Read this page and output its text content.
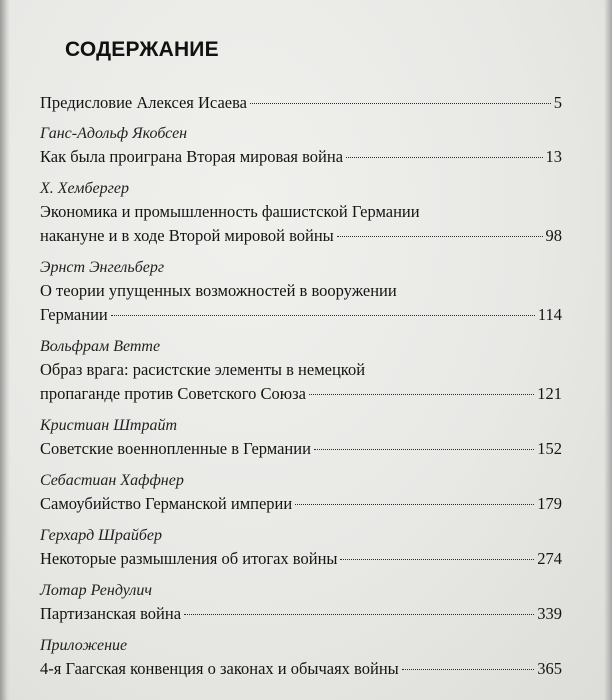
СОДЕРЖАНИЕ
Предисловие Алексея Исаева	5
Ганс-Адольф Якобсен
Как была проиграна Вторая мировая война	13
Х. Хембергер
Экономика и промышленность фашистской Германии
накануне и в ходе Второй мировой войны	98
Эрнст Энгельберг
О теории упущенных возможностей в вооружении
Германии	114
Вольфрам Ветте
Образ врага: расистские элементы в немецкой
пропаганде против Советского Союза	121
Кристиан Штрайт
Советские военнопленные в Германии	152
Себастиан Хаффнер
Самоубийство Германской империи	179
Герхард Шрайбер
Некоторые размышления об итогах войны	274
Лотар Рендулич
Партизанская война	339
Приложение
4-я Гаагская конвенция о законах и обычаях войны	365
